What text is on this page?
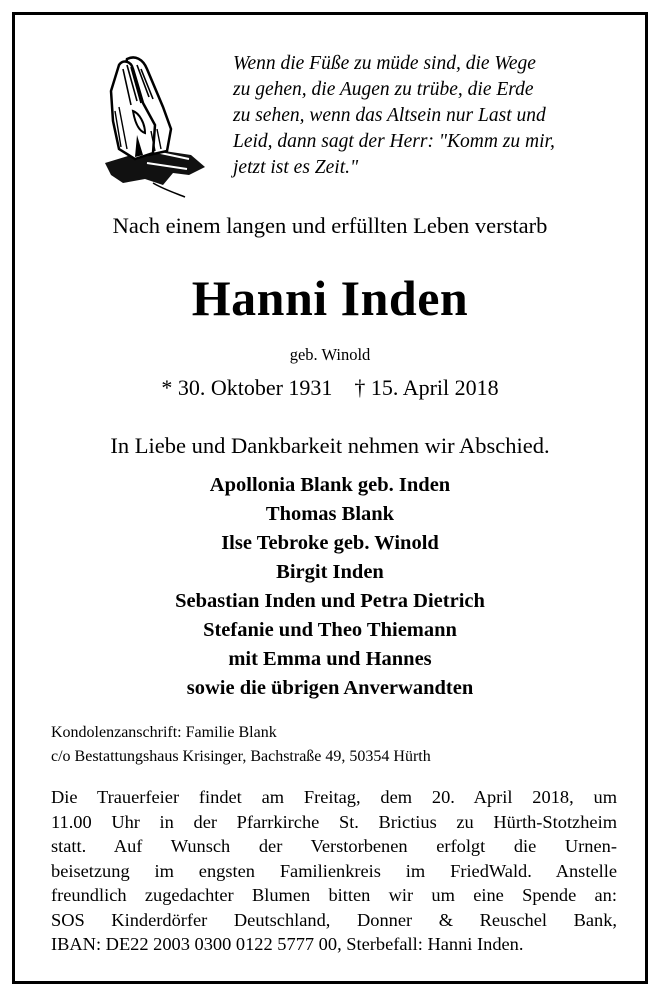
Wenn die Füße zu müde sind, die Wege
zu gehen, die Augen zu trübe, die Erde
zu sehen, wenn das Altsein nur Last und
Leid, dann sagt der Herr: "Komm zu mir,
jetzt ist es Zeit."
Nach einem langen und erfüllten Leben verstarb
Hanni Inden
geb. Winold
* 30. Oktober 1931 † 15. April 2018
In Liebe und Dankbarkeit nehmen wir Abschied.
Apollonia Blank geb. Inden
Thomas Blank
Ilse Tebroke geb. Winold
Birgit Inden
Sebastian Inden und Petra Dietrich
Stefanie und Theo Thiemann
mit Emma und Hannes
sowie die übrigen Anverwandten
Kondolenzanschrift: Familie Blank
c/o Bestattungshaus Krisinger, Bachstraße 49, 50354 Hürth
Die Trauerfeier findet am Freitag, dem 20. April 2018, um
11.00 Uhr in der Pfarrkirche St. Brictius zu Hürth-Stotzheim
statt. Auf Wunsch der Verstorbenen erfolgt die Urnen-
beisetzung im engsten Familienkreis im FriedWald. Anstelle
freundlich zugedachter Blumen bitten wir um eine Spende an:
SOS Kinderdörfer Deutschland, Donner & Reuschel Bank,
IBAN: DE22 2003 0300 0122 5777 00, Sterbefall: Hanni Inden.
